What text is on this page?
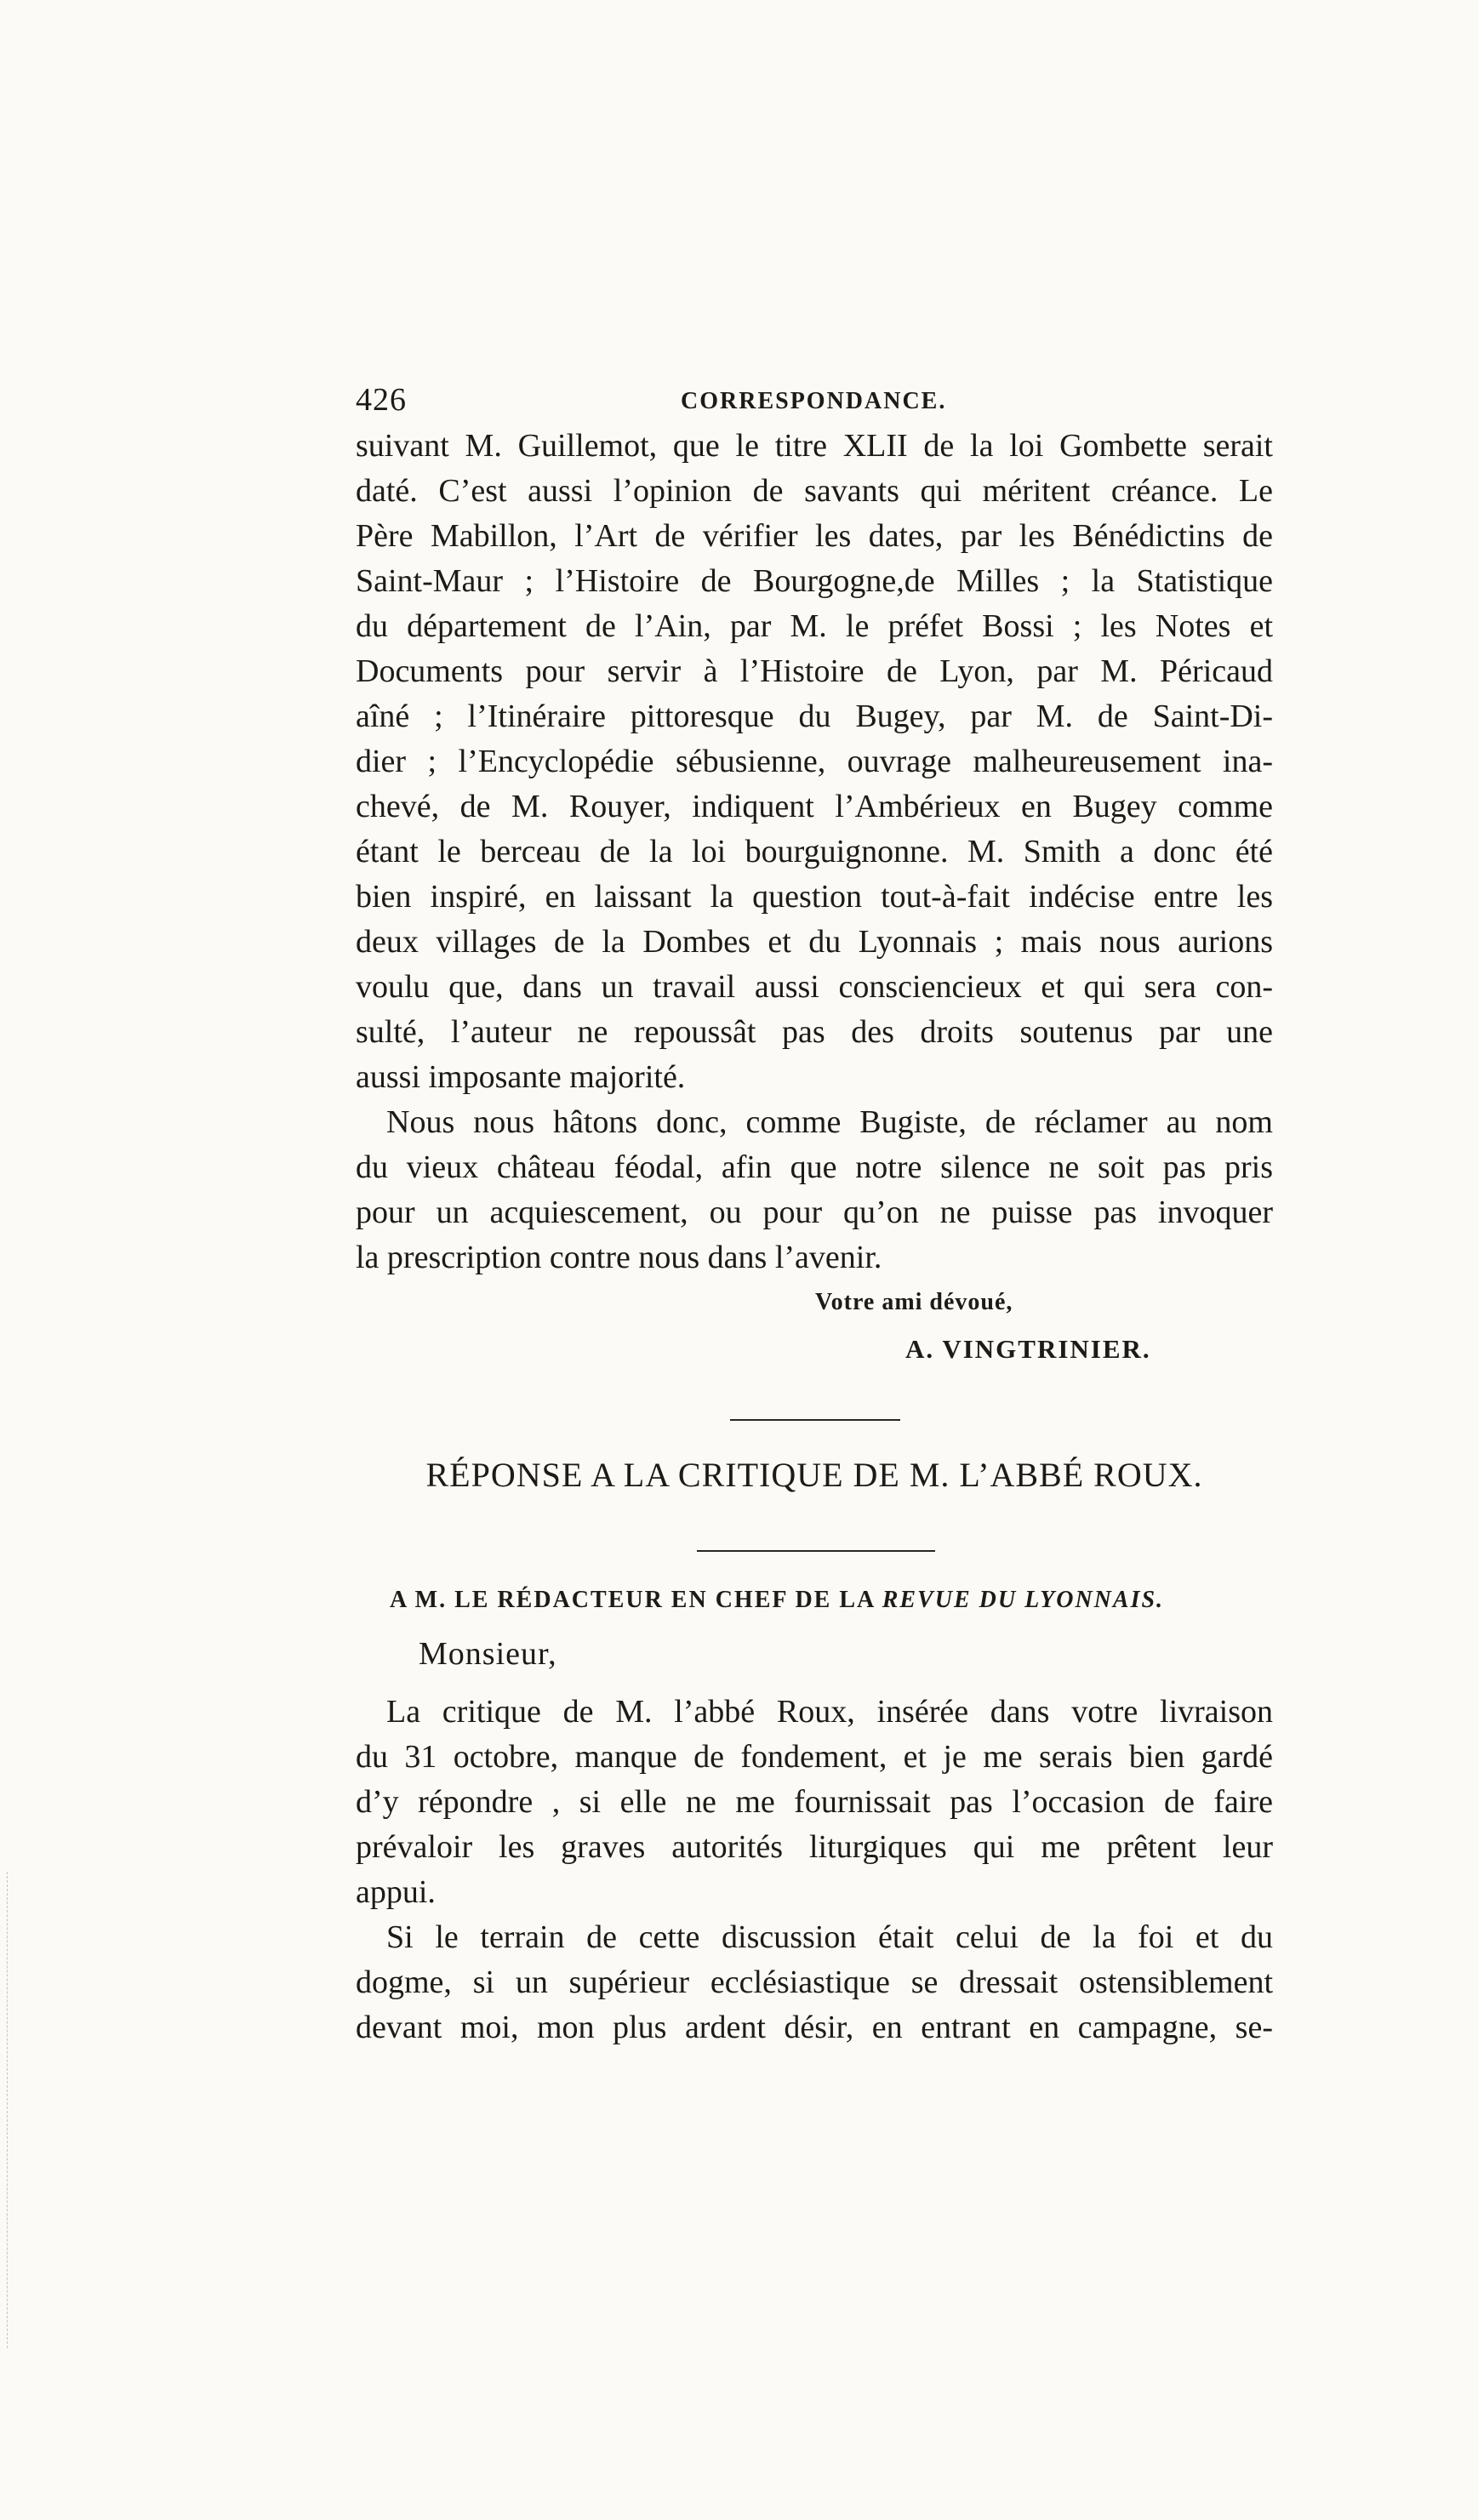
426	CORRESPONDANCE.
suivant M. Guillemot, que le titre XLII de la loi Gombette serait
daté. C’est aussi l’opinion de savants qui méritent créance. Le
Père Mabillon, l’Art de vérifier les dates, par les Bénédictins de
Saint-Maur ; l’Histoire de Bourgogne,de Milles ; la Statistique
du département de l’Ain, par M. le préfet Bossi ; les Notes et
Documents pour servir à l’Histoire de Lyon, par M. Péricaud
aîné ; l’Itinéraire pittoresque du Bugey, par M. de Saint-Di-
dier ; l’Encyclopédie sébusienne, ouvrage malheureusement ina-
chevé, de M. Rouyer, indiquent l’Ambérieux en Bugey comme
étant le berceau de la loi bourguignonne. M. Smith a donc été
bien inspiré, en laissant la question tout-à-fait indécise entre les
deux villages de la Dombes et du Lyonnais ; mais nous aurions
voulu que, dans un travail aussi consciencieux et qui sera con-
sulté, l’auteur ne repoussât pas des droits soutenus par une
aussi imposante majorité.
Nous nous hâtons donc, comme Bugiste, de réclamer au nom
du vieux château féodal, afin que notre silence ne soit pas pris
pour un acquiescement, ou pour qu’on ne puisse pas invoquer
la prescription contre nous dans l’avenir.
Votre ami dévoué,
A. VINGTRINIER.
RÉPONSE A LA CRITIQUE DE M. L’ABBÉ ROUX.
A M. LE RÉDACTEUR EN CHEF DE LA REVUE DU LYONNAIS.
Monsieur,
La critique de M. l’abbé Roux, insérée dans votre livraison
du 31 octobre, manque de fondement, et je me serais bien gardé
d’y répondre , si elle ne me fournissait pas l’occasion de faire
prévaloir les graves autorités liturgiques qui me prêtent leur
appui.
Si le terrain de cette discussion était celui de la foi et du
dogme, si un supérieur ecclésiastique se dressait ostensiblement
devant moi, mon plus ardent désir, en entrant en campagne, se-
